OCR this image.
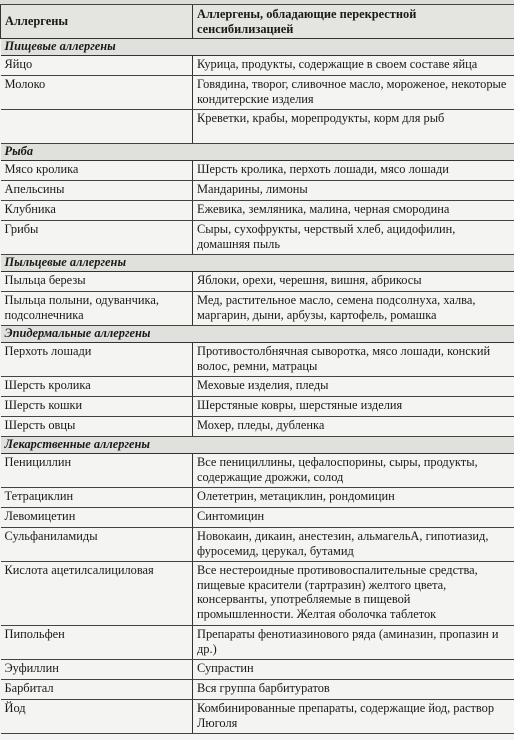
Аллергены	Аллергены, обладающие перекрестной сенсибилизацией
Пищевые аллергены	
Яйцо	Курица, продукты, содержащие в своем составе яйца
Молоко	Говядина, творог, сливочное масло, мороженое, некоторые кондитерские изделия
	Креветки, крабы, морепродукты, корм для рыб
Рыба	
Мясо кролика	Шерсть кролика, перхоть лошади, мясо лошади
Апельсины	Мандарины, лимоны
Клубника	Ежевика, земляника, малина, черная смородина
Грибы	Сыры, сухофрукты, черствый хлеб, ацидофилин, домашняя пыль
Пыльцевые аллергены	
Пыльца березы	Яблоки, орехи, черешня, вишня, абрикосы
Пыльца полыни, одуванчика, подсолнечника	Мед, растительное масло, семена подсолнуха, халва, маргарин, дыни, арбузы, картофель, ромашка
Эпидермальные аллергены	
Перхоть лошади	Противостолбнячная сыворотка, мясо лошади, конский волос, ремни, матрацы
Шерсть кролика	Меховые изделия, пледы
Шерсть кошки	Шерстяные ковры, шерстяные изделия
Шерсть овцы	Мохер, пледы, дубленка
Лекарственные аллергены	
Пенициллин	Все пенициллины, цефалоспорины, сыры, продукты, содержащие дрожжи, солод
Тетрациклин	Олететрин, метациклин, рондомицин
Левомицетин	Синтомицин
Сульфаниламиды	Новокаин, дикаин, анестезин, альмагельА, гипотиазид, фуросемид, церукал, бутамид
Кислота ацетилсалициловая	Все нестероидные противовоспалительные средства, пищевые красители (тартразин) желтого цвета, консерванты, употребляемые в пищевой промышленности. Желтая оболочка таблеток
Пипольфен	Препараты фенотиазинового ряда (аминазин, пропазин и др.)
Эуфиллин	Супрастин
Барбитал	Вся группа барбитуратов
Йод	Комбинированные препараты, содержащие йод, раствор Люголя
